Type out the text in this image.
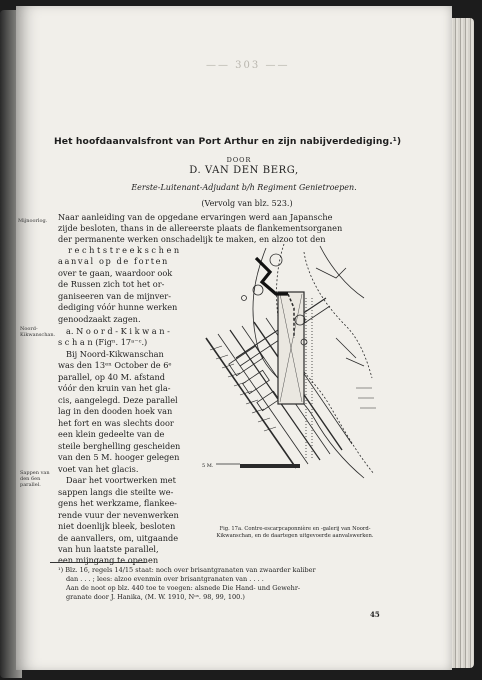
—— 303 ——
Het hoofdaanvalsfront van Port Arthur en zijn nabijverdediging.¹)
DOOR
D. VAN DEN BERG,
Eerste-Luitenant-Adjudant b/h Regiment Genietroepen.
(Vervolg van blz. 523.)
Mijnoorlog.
Noord-Kikwanschan.
Sappen van den 6en parallel.
Naar aanleiding van de opgedane ervaringen werd aan Japansche
zijde besloten, thans in de allereerste plaats de flankementsorganen
der permanente werken onschadelijk te maken, en alzoo tot den
r e c h t s t r e e k s c h e n
aanval op de forten
over te gaan, waardoor ook
de Russen zich tot het or-
ganiseeren van de mijnver-
dediging vóór hunne werken
genoodzaakt zagen.
a. N o o r d - K i k w a n -
s c h a n (Figⁿ. 17ᵃ⁻ᶜ.)
Bij Noord-Kikwanschan
was den 13ᵉⁿ October de 6ᵉ
parallel, op 40 M. afstand
vóór den kruin van het gla-
cis, aangelegd. Deze parallel
lag in den dooden hoek van
het fort en was slechts door
een klein gedeelte van de
steile berghelling gescheiden
van den 5 M. hooger gelegen
voet van het glacis.
Daar het voortwerken met
sappen langs die steilte we-
gens het werkzame, flankee-
rende vuur der nevenwerken
niet doenlijk bleek, besloten
de aanvallers, om, uitgaande
van hun laatste parallel,
een mijngang te openen
5 M.
Fig. 17a. Contre-escarpcaponnière en -galerij van Noord-Kikwanschan, en de daartegen uitgevoerde aanvalswerken.
¹) Blz. 16, regels 14/15 staat: noch over brisantgranaten van zwaarder kaliber
dan . . . ; lees: alzoo evenmin over brisantgranaten van . . . .
Aan de noot op blz. 440 toe te voegen: alsnede Die Hand- und Gewehr-
granate door J. Hanika, (M. W. 1910, Nᵒˢ. 98, 99, 100.)
45
